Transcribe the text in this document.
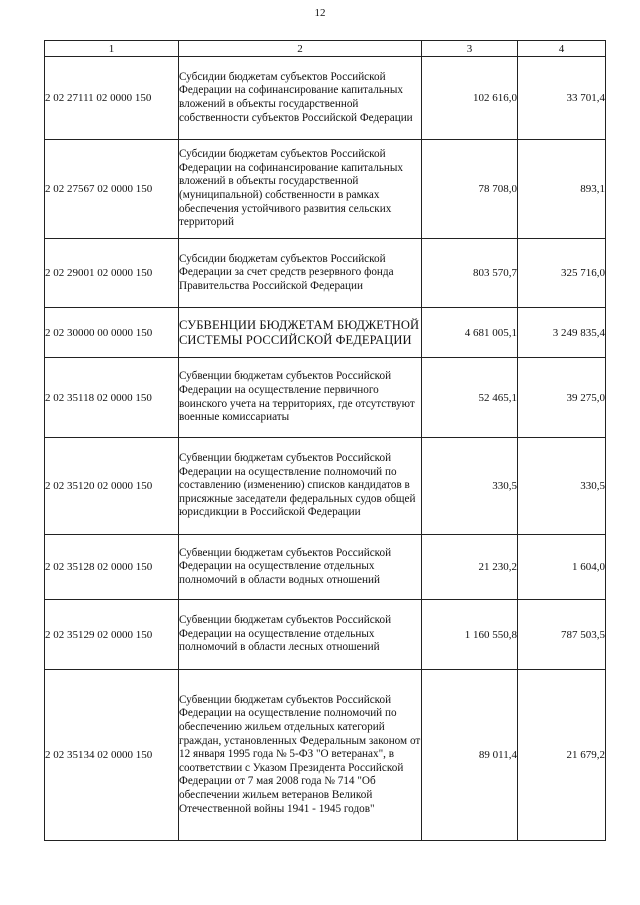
12
1	2	3	4
2 02 27111 02 0000 150	Субсидии бюджетам субъектов Российской Федерации на софинансирование капитальных вложений в объекты государственной собственности субъектов Российской Федерации	102 616,0	33 701,4
2 02 27567 02 0000 150	Субсидии бюджетам субъектов Российской Федерации на софинансирование капитальных вложений в объекты государственной (муниципальной) собственности в рамках обеспечения устойчивого развития сельских территорий	78 708,0	893,1
2 02 29001 02 0000 150	Субсидии бюджетам субъектов Российской Федерации за счет средств резервного фонда Правительства Российской Федерации	803 570,7	325 716,0
2 02 30000 00 0000 150	СУБВЕНЦИИ БЮДЖЕТАМ БЮДЖЕТНОЙ СИСТЕМЫ РОССИЙСКОЙ ФЕДЕРАЦИИ	4 681 005,1	3 249 835,4
2 02 35118 02 0000 150	Субвенции бюджетам субъектов Российской Федерации на осуществление первичного воинского учета на территориях, где отсутствуют военные комиссариаты	52 465,1	39 275,0
2 02 35120 02 0000 150	Субвенции бюджетам субъектов Российской Федерации на осуществление полномочий по составлению (изменению) списков кандидатов в присяжные заседатели федеральных судов общей юрисдикции в Российской Федерации	330,5	330,5
2 02 35128 02 0000 150	Субвенции бюджетам субъектов Российской Федерации на осуществление отдельных полномочий в области водных отношений	21 230,2	1 604,0
2 02 35129 02 0000 150	Субвенции бюджетам субъектов Российской Федерации на осуществление отдельных полномочий в области лесных отношений	1 160 550,8	787 503,5
2 02 35134 02 0000 150	Субвенции бюджетам субъектов Российской Федерации на осуществление полномочий по обеспечению жильем отдельных категорий граждан, установленных Федеральным законом от 12 января 1995 года № 5-ФЗ "О ветеранах", в соответствии с Указом Президента Российской Федерации от 7 мая 2008 года № 714 "Об обеспечении жильем ветеранов Великой Отечественной войны 1941 - 1945 годов"	89 011,4	21 679,2
